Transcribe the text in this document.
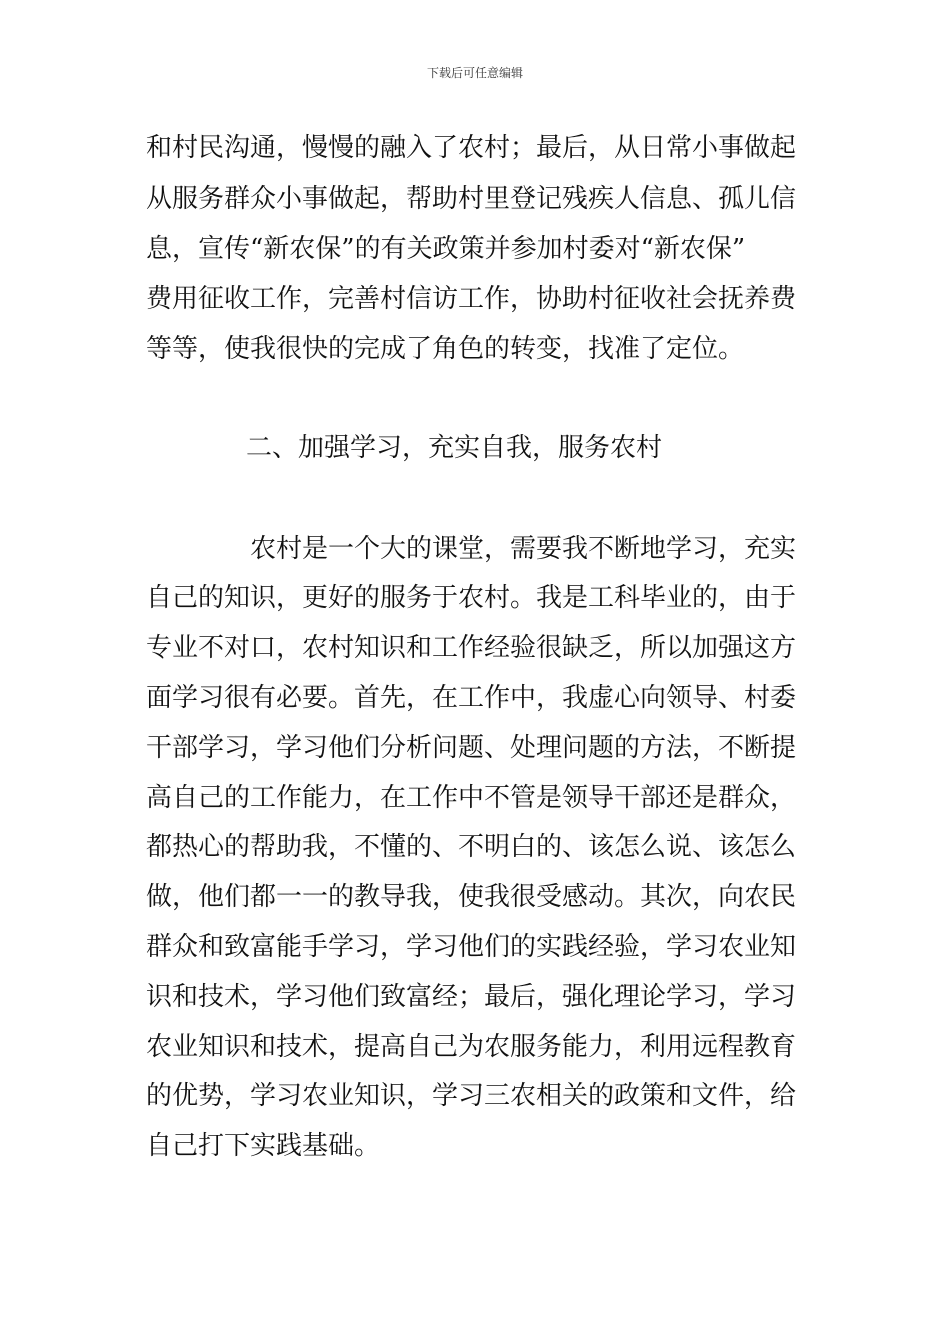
下载后可任意编辑
和村民沟通，慢慢的融入了农村；最后，从日常小事做起
从服务群众小事做起，帮助村里登记残疾人信息、孤儿信
息，宣传“新农保”的有关政策并参加村委对“新农保”
费用征收工作，完善村信访工作，协助村征收社会抚养费
等等，使我很快的完成了角色的转变，找准了定位。
二、加强学习，充实自我，服务农村
农村是一个大的课堂，需要我不断地学习，充实
自己的知识，更好的服务于农村。我是工科毕业的，由于
专业不对口，农村知识和工作经验很缺乏，所以加强这方
面学习很有必要。首先，在工作中，我虚心向领导、村委
干部学习，学习他们分析问题、处理问题的方法，不断提
高自己的工作能力，在工作中不管是领导干部还是群众，
都热心的帮助我，不懂的、不明白的、该怎么说、该怎么
做，他们都一一的教导我，使我很受感动。其次，向农民
群众和致富能手学习，学习他们的实践经验，学习农业知
识和技术，学习他们致富经；最后，强化理论学习，学习
农业知识和技术，提高自己为农服务能力，利用远程教育
的优势，学习农业知识，学习三农相关的政策和文件，给
自己打下实践基础。
